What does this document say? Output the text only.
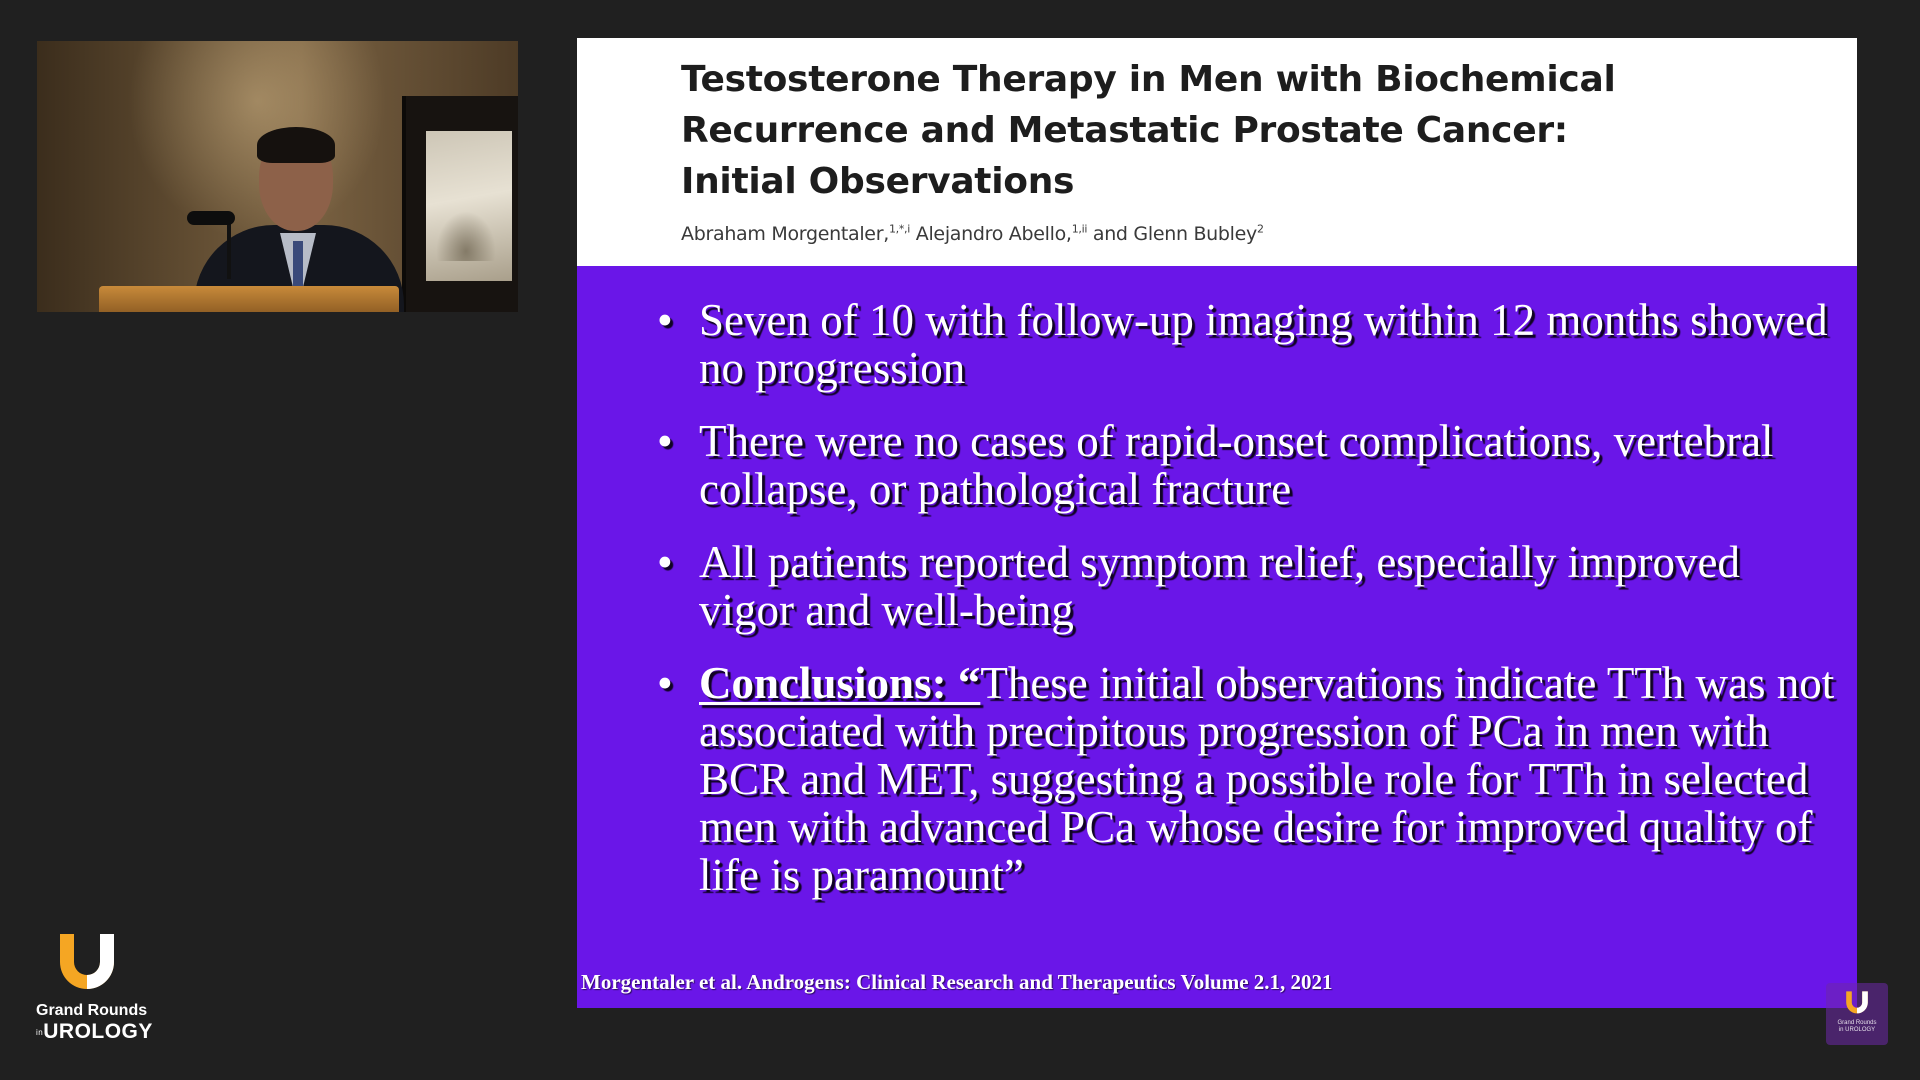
Testosterone Therapy in Men with Biochemical
Recurrence and Metastatic Prostate Cancer:
Initial Observations
Abraham Morgentaler,$^{1,*,i}$ Alejandro Abello,$^{1,ii}$ and Glenn Bubley$^2$
• Seven of 10 with follow-up imaging within 12 months showed no progression
• There were no cases of rapid-onset complications, vertebral collapse, or pathological fracture
• All patients reported symptom relief, especially improved vigor and well-being
• Conclusions: “These initial observations indicate TTh was not associated with precipitous progression of PCa in men with BCR and MET, suggesting a possible role for TTh in selected men with advanced PCa whose desire for improved quality of life is paramount”
Morgentaler et al. Androgens: Clinical Research and Therapeutics Volume 2.1, 2021
Grand Rounds
inUROLOGY	Grand Rounds
in UROLOGY
